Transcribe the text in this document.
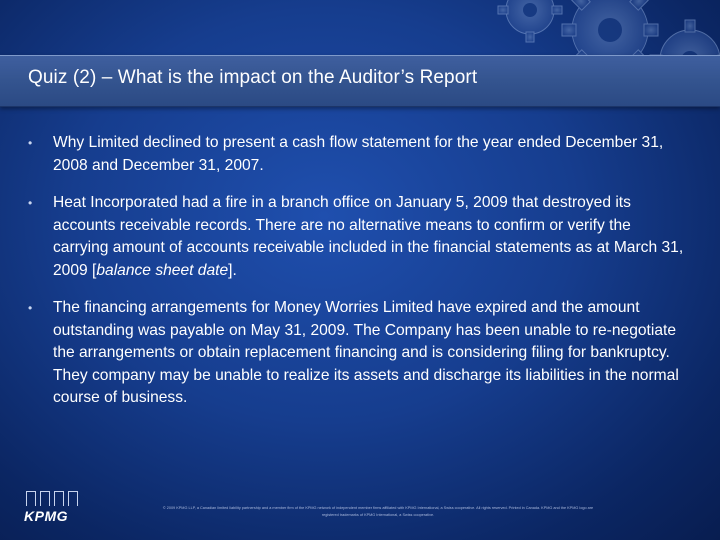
Quiz (2) – What is the impact on the Auditor’s Report
•	Why Limited declined to present a cash flow statement for the year ended December 31, 2008 and December 31, 2007.
•	Heat Incorporated had a fire in a branch office on January 5, 2009 that destroyed its accounts receivable records. There are no alternative means to confirm or verify the carrying amount of accounts receivable included in the financial statements as at March 31, 2009 [balance sheet date].
•	The financing arrangements for Money Worries Limited have expired and the amount outstanding was payable on May 31, 2009. The Company has been unable to re-negotiate the arrangements or obtain replacement financing and is considering filing for bankruptcy. They company may be unable to realize its assets and discharge its liabilities in the normal course of business.
KPMG	© 2009 KPMG LLP, a Canadian limited liability partnership and a member firm of the KPMG network of independent member firms affiliated with KPMG International, a Swiss cooperative. All rights reserved. Printed in Canada. KPMG and the KPMG logo are
registered trademarks of KPMG International, a Swiss cooperative.
